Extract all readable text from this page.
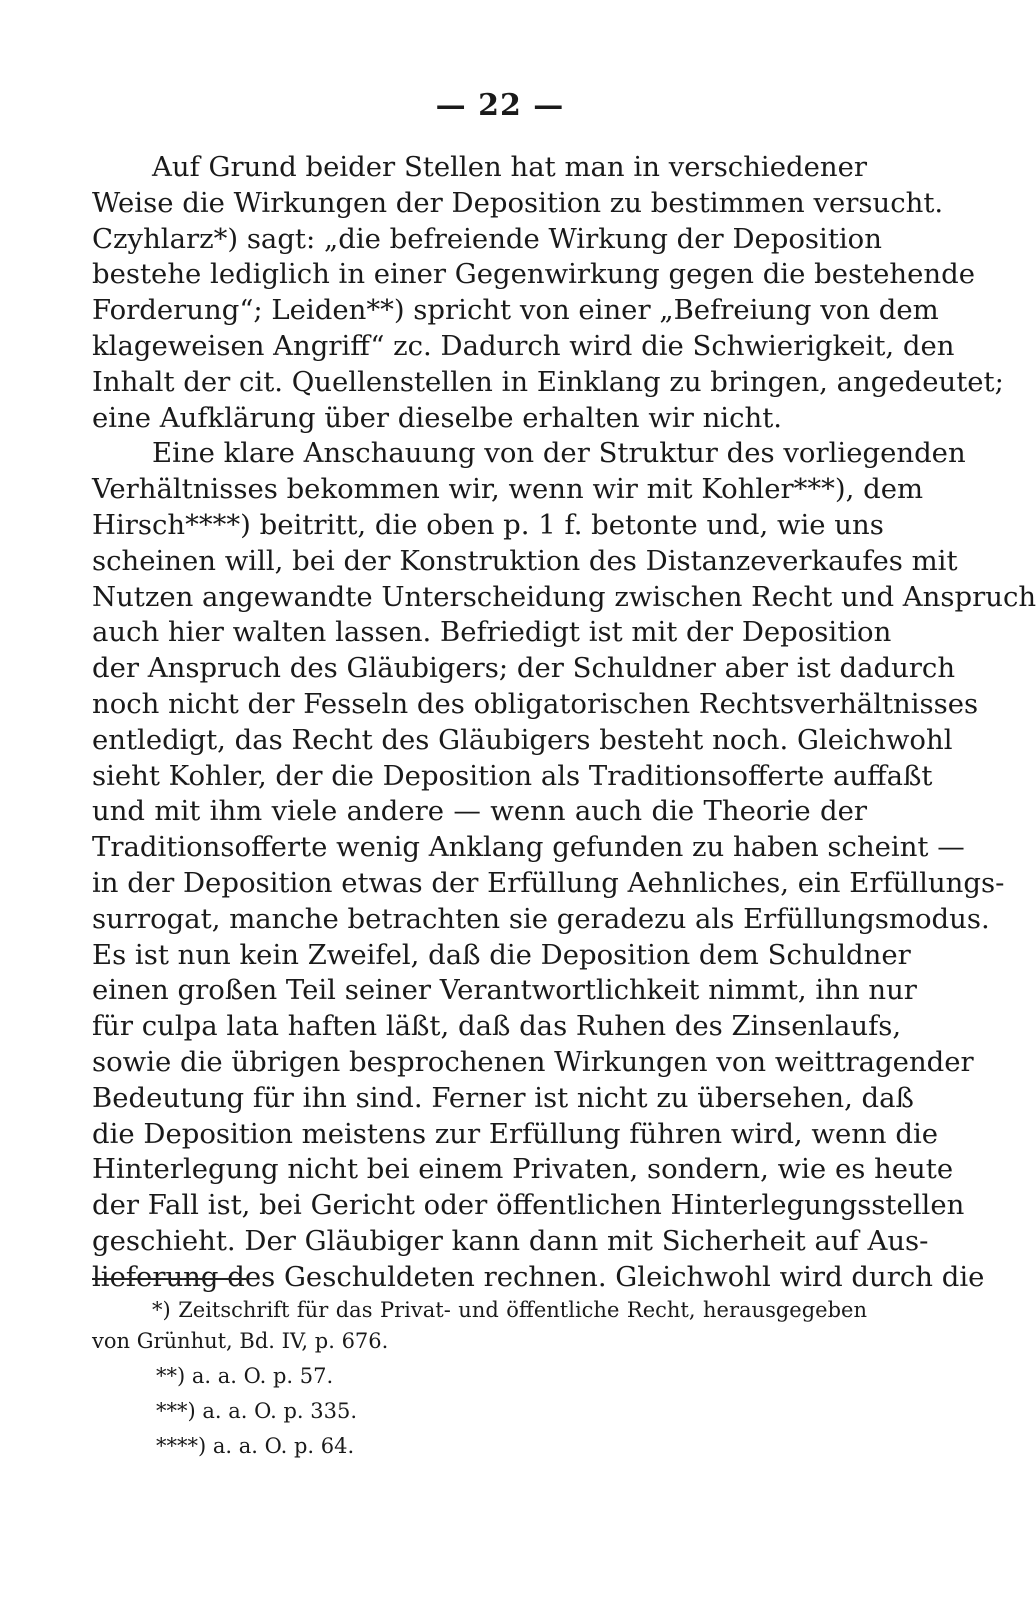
— 22 —
Auf Grund beider Stellen hat man in verschiedener
Weise die Wirkungen der Deposition zu bestimmen versucht.
Czyhlarz*) sagt: „die befreiende Wirkung der Deposition
bestehe lediglich in einer Gegenwirkung gegen die bestehende
Forderung“; Leiden**) spricht von einer „Befreiung von dem
klageweisen Angriff“ zc. Dadurch wird die Schwierigkeit, den
Inhalt der cit. Quellenstellen in Einklang zu bringen, angedeutet;
eine Aufklärung über dieselbe erhalten wir nicht.
Eine klare Anschauung von der Struktur des vorliegenden
Verhältnisses bekommen wir, wenn wir mit Kohler***), dem
Hirsch****) beitritt, die oben p. 1 f. betonte und, wie uns
scheinen will, bei der Konstruktion des Distanzeverkaufes mit
Nutzen angewandte Unterscheidung zwischen Recht und Anspruch
auch hier walten lassen. Befriedigt ist mit der Deposition
der Anspruch des Gläubigers; der Schuldner aber ist dadurch
noch nicht der Fesseln des obligatorischen Rechtsverhältnisses
entledigt, das Recht des Gläubigers besteht noch. Gleichwohl
sieht Kohler, der die Deposition als Traditionsofferte auffaßt
und mit ihm viele andere — wenn auch die Theorie der
Traditionsofferte wenig Anklang gefunden zu haben scheint —
in der Deposition etwas der Erfüllung Aehnliches, ein Erfüllungs-
surrogat, manche betrachten sie geradezu als Erfüllungsmodus.
Es ist nun kein Zweifel, daß die Deposition dem Schuldner
einen großen Teil seiner Verantwortlichkeit nimmt, ihn nur
für culpa lata haften läßt, daß das Ruhen des Zinsenlaufs,
sowie die übrigen besprochenen Wirkungen von weittragender
Bedeutung für ihn sind. Ferner ist nicht zu übersehen, daß
die Deposition meistens zur Erfüllung führen wird, wenn die
Hinterlegung nicht bei einem Privaten, sondern, wie es heute
der Fall ist, bei Gericht oder öffentlichen Hinterlegungsstellen
geschieht. Der Gläubiger kann dann mit Sicherheit auf Aus-
lieferung des Geschuldeten rechnen. Gleichwohl wird durch die
*) Zeitschrift für das Privat- und öffentliche Recht, herausgegeben
von Grünhut, Bd. IV, p. 676.
**) a. a. O. p. 57.
***) a. a. O. p. 335.
****) a. a. O. p. 64.
